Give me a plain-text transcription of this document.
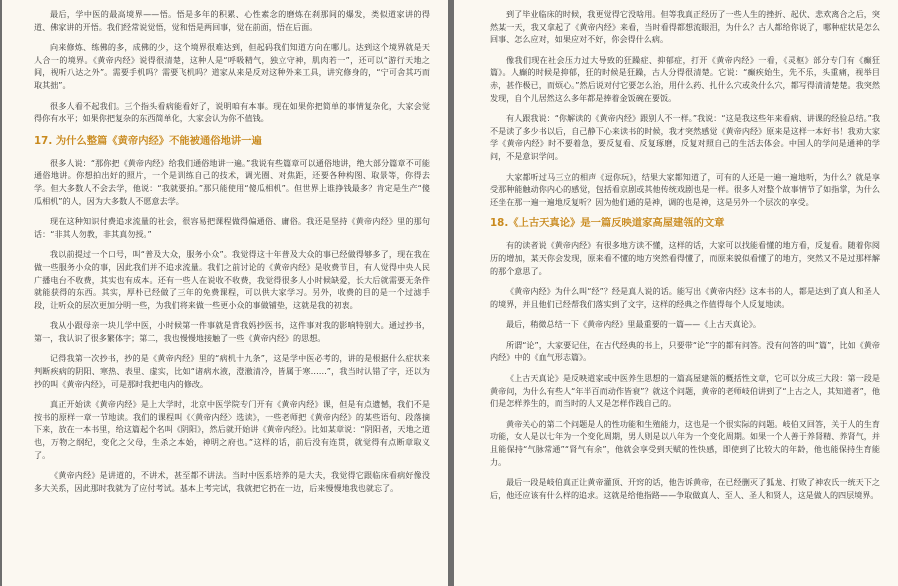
最后，学中医的最高境界——悟。悟是多年的积累、心性素念的磨炼在刹那间的爆发，类似道家讲的得道、佛家讲的开悟。我们经常说觉悟，觉和悟是两回事，觉在前面，悟在后面。

向来修炼、练佛的多，成佛的少，这个境界很难达到，但起码我们知道方向在哪儿。达到这个境界就是天人合一的境界。《黄帝内经》说得很清楚，这种人是“呼吸精气，独立守神，肌肉若一”，还可以“游行天地之间，视听八达之外”。需要手机吗？需要飞机吗？道家从来是反对这种外来工具，讲究修身的，“宁可舍其巧而取其拙”。

很多人看不起我们。三个指头看病能看好了，说明咱有本事。现在如果你把简单的事情复杂化，大家会觉得你有水平；如果你把复杂的东西简单化，大家会认为你不值钱。

17. 为什么整篇《黄帝内经》不能被通俗地讲一遍

很多人说：“那你把《黄帝内经》给我们通俗地讲一遍。”我说有些篇章可以通俗地讲，绝大部分篇章不可能通俗地讲。你想拍出好的照片，一个是训练自己的技术，调光圈、对焦距，还要各种构图、取景等，你得去学。但大多数人不会去学，他说：“我就要拍。”那只能使用“傻瓜相机”。但世界上谁挣钱最多？肯定是生产“傻瓜相机”的人，因为大多数人不愿意去学。

现在这种知识付费追求流量的社会，很容易把课程做得偏通俗、庸俗。我还是坚持《黄帝内经》里的那句话：“非其人勿教，非其真勿授。”

我以前提过一个口号，叫“普及大众，服务小众”。我觉得这十年普及大众的事已经做得够多了，现在我在做一些服务小众的事，因此我们并不追求流量。我们之前讨论的《黄帝内经》是收费节目，有人觉得中央人民广播电台不收费，其实也有成本。还有一些人在说收不收费，我觉得很多人小时候缺爱，长大后就需要无条件就能获得的东西。其实，厚朴已经做了三年的免费课程，可以供大家学习。另外，收费的目的是一个过滤手段，让听众的层次更加分明一些，为我们将来做一些更小众的事做铺垫，这就是我的初衷。

我从小跟母亲一块儿学中医，小时候第一件事就是背我妈抄医书，这件事对我的影响特别大。通过抄书，第一，我认识了很多繁体字；第二，我也慢慢地接触了一些《黄帝内经》的思想。

记得我第一次抄书，抄的是《黄帝内经》里的“病机十九条”，这是学中医必考的，讲的是根据什么症状来判断疾病的阴阳、寒热、表里、虚实，比如“诸病水液，澄澈清冷，皆属于寒……”，我当时认错了字，还以为抄的叫《黄帝内经》，可是那时我把电内的修改。

真正开始读《黄帝内经》是上大学时，北京中医学院专门开有《黄帝内经》课，但是有点遗憾，我们不是按书的原样一章一节地读。我们的课程叫《〈黄帝内经〉选读》，一些老师把《黄帝内经》的某些语句、段落摘下来，放在一本书里，给这篇起个名叫《阴阳》，然后就开始讲《黄帝内经》。比如某章说：“阴阳者，天地之道也，万物之纲纪，变化之父母，生杀之本始，神明之府也。”这样的话，前后没有连贯，就觉得有点断章取义了。

《黄帝内经》是讲道的，不讲术，甚至都不讲法。当时中医系培养的是大夫，我觉得它跟临床看病好像没多大关系，因此那时我就为了应付考试。基本上考完试，我就把它扔在一边，后来慢慢地我也就忘了。

到了毕业临床的时候，我更觉得它没啥用。但等我真正经历了一些人生的挫折、起伏、悲欢离合之后，突然某一天，我又拿起了《黄帝内经》来看，当时看得都想流眼泪，为什么？古人都给你说了，哪种症状是怎么回事、怎么应对，如果应对不好，你会得什么病。

像我们现在社会压力过大导致的狂躁症、抑郁症，打开《黄帝内经》一看，《灵枢》部分专门有《癫狂篇》。人癫的时候是抑郁，狂的时候是狂躁，古人分得很清楚。它说：“癫疾始生，先不乐，头重痛，视举目赤，甚作极已，而烦心。”然后说对付它要怎么治，用什么药、扎什么穴或灸什么穴，都写得清清楚楚。我突然发现，自个儿居然这么多年都是捧着金饭碗在要饭。

有人跟我说：“你解读的《黄帝内经》跟别人不一样。”我说：“这是我这些年来看病、讲课的经验总结。”我不是读了多少书以后，自己静下心来读书的时候，我才突然感觉《黄帝内经》原来是这样一本好书！我劝大家学《黄帝内经》时不要着急，要反复看、反复琢磨，反复对照自己的生活去体会。中国人的学问是通神的学问，不是意识学问。

大家都听过马三立的相声《逗你玩》，结果大家都知道了，可有的人还是一遍一遍地听，为什么？就是享受那种能触动你内心的感觉，包括看京剧或其他传统戏剧也是一样。很多人对整个故事情节了如指掌，为什么还坐在那一遍一遍地反复听？因为他们通的是神，调的也是神，这是另外一个层次的享受。

18.《上古天真论》是一篇反映道家高屋建瓴的文章

有的读者说《黄帝内经》有很多地方读不懂，这样的话，大家可以找能看懂的地方看，反复看。随着你阅历的增加，某天你会发现，原来看不懂的地方突然看得懂了，而原来貌似看懂了的地方，突然又不是过那样解的那个意思了。

《黄帝内经》为什么叫“经”？经是真人说的话。能写出《黄帝内经》这本书的人，都是达到了真人和圣人的境界，并且他们已经帮我们落实到了文字，这样的经典之作值得每个人反复地读。

最后，稍微总结一下《黄帝内经》里最重要的一篇——《上古天真论》。

所谓“论”，大家要记住，在古代经典的书上，只要带“论”字的都有问答。没有问答的叫“篇”，比如《黄帝内经》中的《血气形志篇》。

《上古天真论》是反映道家或中医养生思想的一篇高屋建瓴的概括性文章，它可以分成三大段：第一段是黄帝问，为什么有些人“年半百而动作皆衰”？就这个问题，黄帝的老师岐伯讲到了“上古之人，其知道者”，他们是怎样养生的，而当时的人又是怎样作践自己的。

黄帝关心的第二个问题是人的性功能和生殖能力，这也是一个很实际的问题。岐伯又回答，关于人的生育功能，女人是以七年为一个变化周期，男人则是以八年为一个变化周期。如果一个人善于养肾精、养肾气，并且能保持“气脉常通”“肾气有余”，他就会享受到天赋的性快感，即使到了比较大的年龄，他也能保持生育能力。

最后一段是岐伯真正让黄帝灌顶、开窍的话，他告诉黄帝，在已经删灭了狐尨、打败了神农氏一统天下之后，他还应该有什么样的追求。这就是给他指路——争取做真人、至人、圣人和贤人，这是做人的四层境界。
